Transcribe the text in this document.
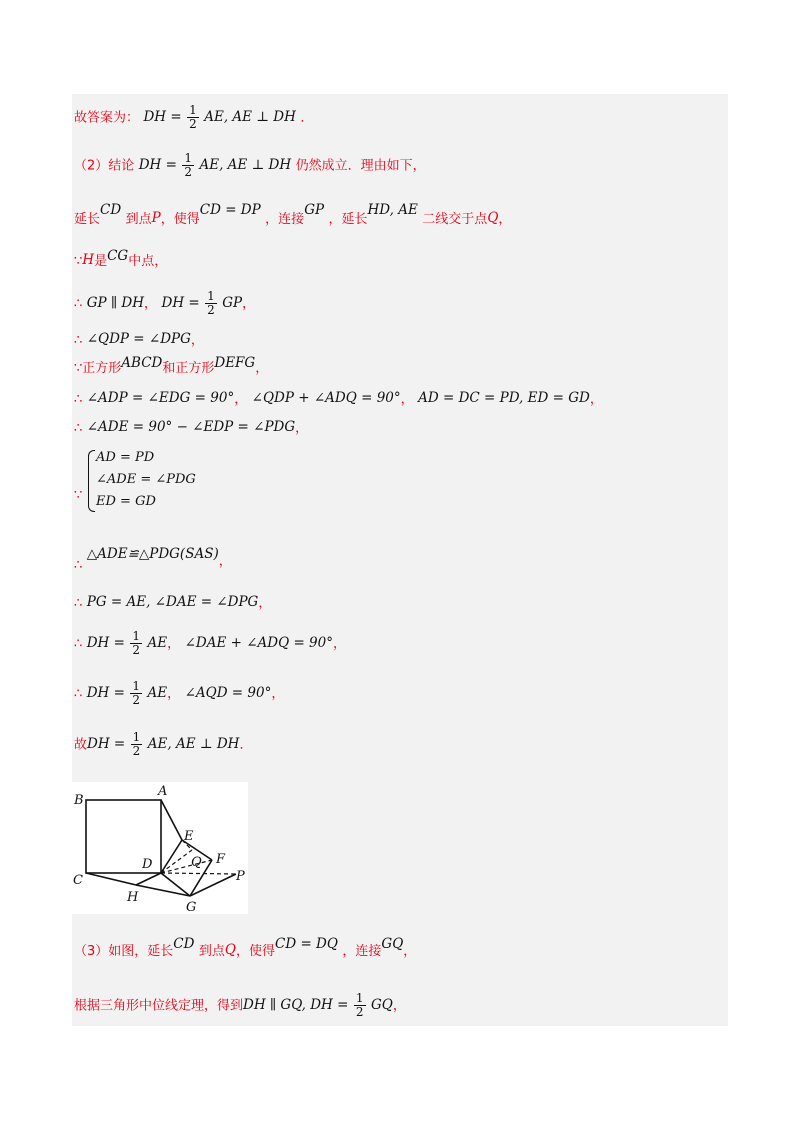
故答案为： DH = $\frac{1}{2}$ AE, AE ⊥ DH ．
（2）结论 DH = $\frac{1}{2}$ AE, AE ⊥ DH 仍然成立．理由如下，
延长CD 到点P，使得CD = DP ，连接GP ，延长HD, AE 二线交于点Q，
∵H是CG中点，
∴ GP ∥ DH， DH = $\frac{1}{2}$ GP，
∴ ∠QDP = ∠DPG，
∵正方形ABCD和正方形DEFG，
∴ ∠ADP = ∠EDG = 90°， ∠QDP + ∠ADQ = 90°， AD = DC = PD, ED = GD，
∴ ∠ADE = 90° − ∠EDP = ∠PDG，
∵
AD = PD
∠ADE = ∠PDG
ED = GD
∴ △ADE≌△PDG(SAS)，
∴ PG = AE, ∠DAE = ∠DPG，
∴ DH = $\frac{1}{2}$ AE， ∠DAE + ∠ADQ = 90°，
∴ DH = $\frac{1}{2}$ AE， ∠AQD = 90°，
故DH = $\frac{1}{2}$ AE, AE ⊥ DH．
B
A
E
Q F
D
C	P
H
G
（3）如图，延长CD 到点Q，使得CD = DQ ，连接GQ，
根据三角形中位线定理，得到DH ∥ GQ, DH = $\frac{1}{2}$ GQ，
